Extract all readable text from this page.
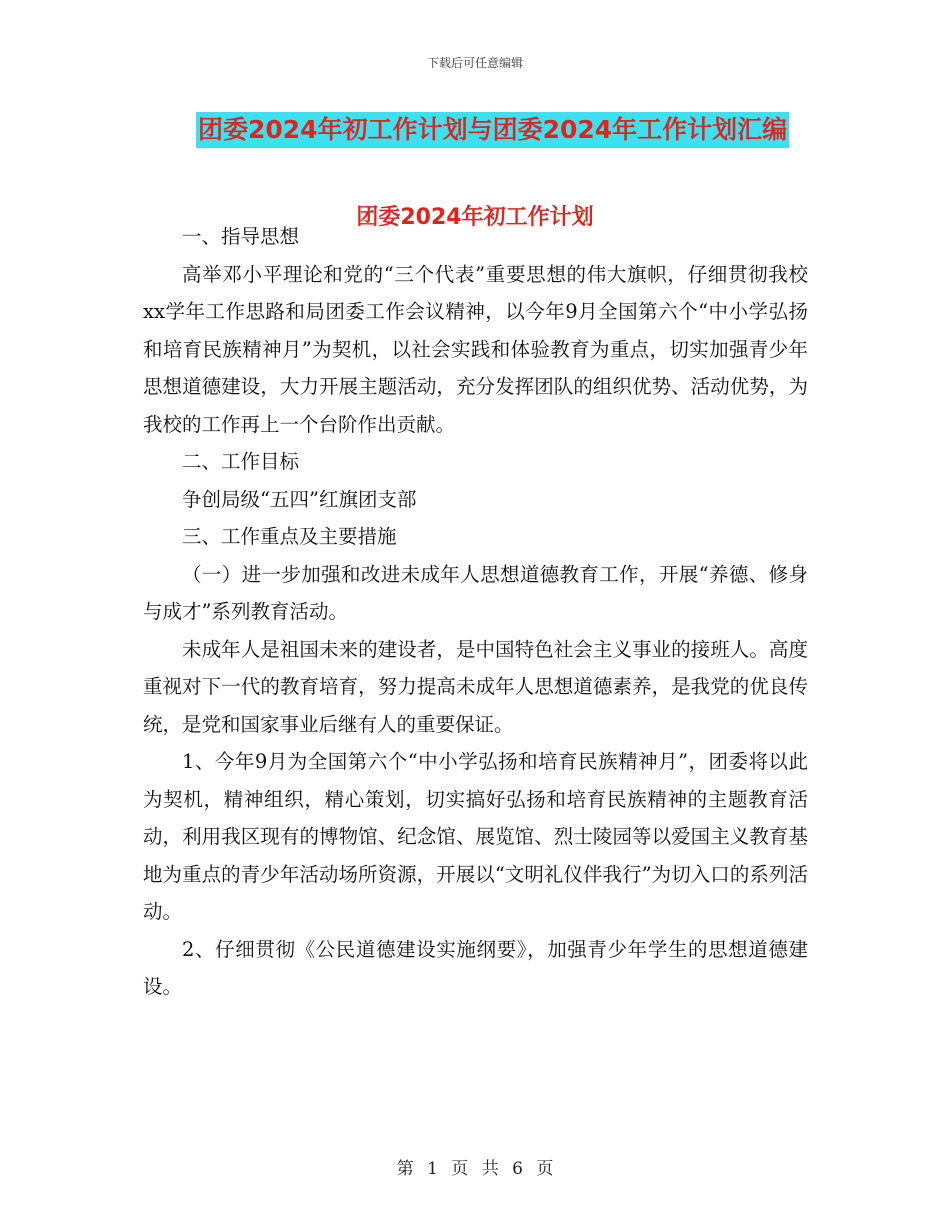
下载后可任意编辑
团委2024年初工作计划与团委2024年工作计划汇编
团委2024年初工作计划

一、指导思想

高举邓小平理论和党的“三个代表”重要思想的伟大旗帜，仔细贯彻我校xx学年工作思路和局团委工作会议精神，以今年9月全国第六个“中小学弘扬和培育民族精神月”为契机，以社会实践和体验教育为重点，切实加强青少年思想道德建设，大力开展主题活动，充分发挥团队的组织优势、活动优势，为我校的工作再上一个台阶作出贡献。

二、工作目标

争创局级“五四”红旗团支部

三、工作重点及主要措施

（一）进一步加强和改进未成年人思想道德教育工作，开展“养德、修身与成才”系列教育活动。

未成年人是祖国未来的建设者，是中国特色社会主义事业的接班人。高度重视对下一代的教育培育，努力提高未成年人思想道德素养，是我党的优良传统，是党和国家事业后继有人的重要保证。

1、今年9月为全国第六个“中小学弘扬和培育民族精神月”，团委将以此为契机，精神组织，精心策划，切实搞好弘扬和培育民族精神的主题教育活动，利用我区现有的博物馆、纪念馆、展览馆、烈士陵园等以爱国主义教育基地为重点的青少年活动场所资源，开展以“文明礼仪伴我行”为切入口的系列活动。

2、仔细贯彻《公民道德建设实施纲要》，加强青少年学生的思想道德建设。

第 1 页 共 6 页
